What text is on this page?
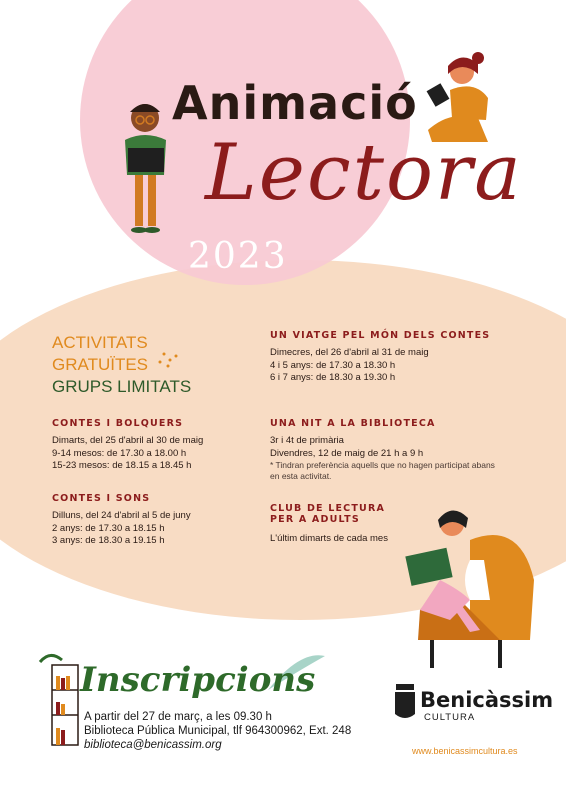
Animació
Lectora
2023
ACTIVITATS
GRATUÏTES
GRUPS LIMITATS
CONTES I BOLQUERS
Dimarts, del 25 d'abril al 30 de maig
9-14 mesos: de 17.30 a 18.00 h
15-23 mesos: de 18.15 a 18.45 h
CONTES I SONS
Dilluns, del 24 d'abril al 5 de juny
2 anys: de 17.30 a 18.15 h
3 anys: de 18.30 a 19.15 h
UN VIATGE PEL MÓN DELS CONTES
Dimecres, del 26 d'abril al 31 de maig
4 i 5 anys: de 17.30 a 18.30 h
6 i 7 anys: de 18.30 a 19.30 h
UNA NIT A LA BIBLIOTECA
3r i 4t de primària
Divendres, 12 de maig de 21 h a 9 h
* Tindran preferència aquells que no hagen participat abans en esta activitat.
CLUB DE LECTURA
PER A ADULTS
L'últim dimarts de cada mes
Inscripcions
A partir del 27 de març, a les 09.30 h
Biblioteca Pública Municipal, tlf 964300962, Ext. 248
biblioteca@benicassim.org
Benicàssim
CULTURA
www.benicassimcultura.es
